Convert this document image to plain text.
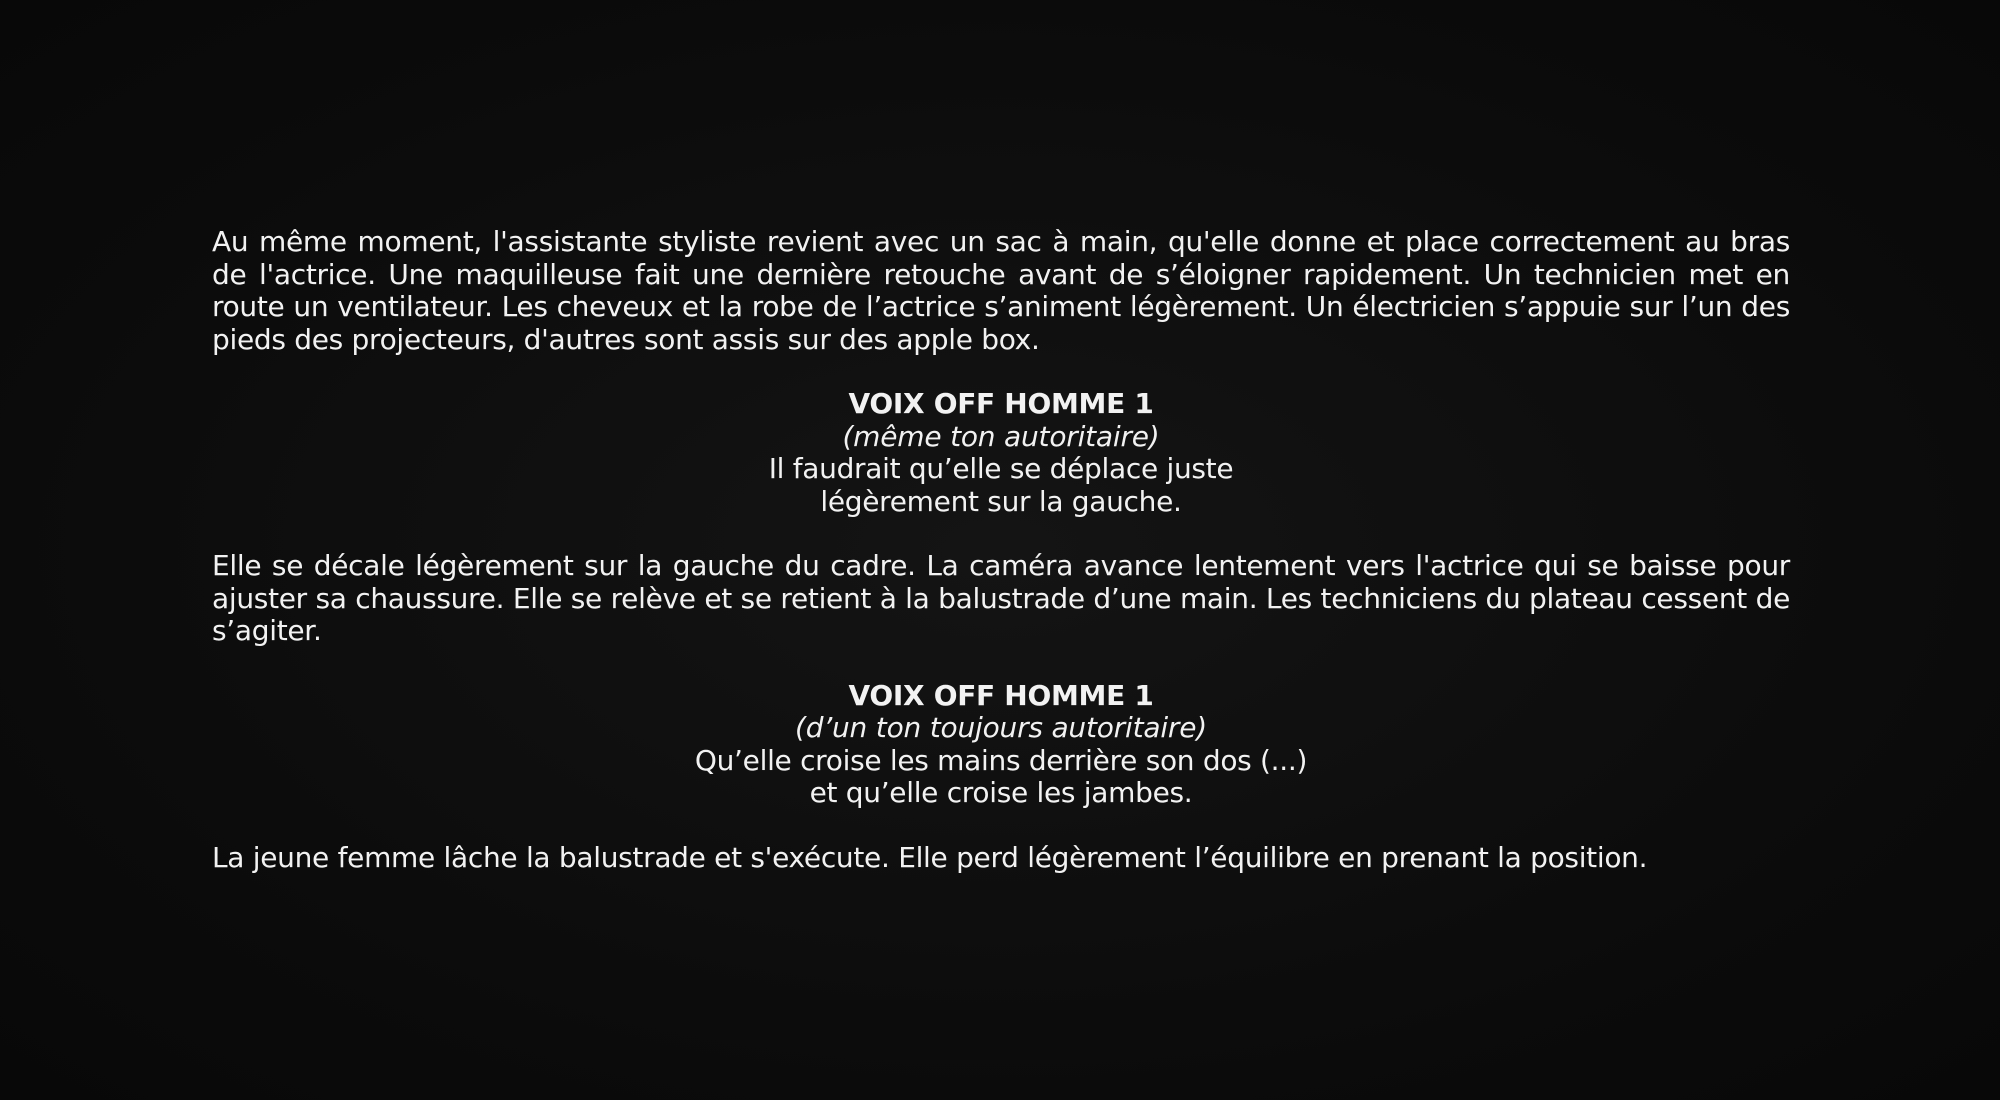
Au même moment, l'assistante styliste revient avec un sac à main, qu'elle donne et place correctement au bras de l'actrice. Une maquilleuse fait une dernière retouche avant de s’éloigner rapidement. Un technicien met en route un ventilateur. Les cheveux et la robe de l’actrice s’animent légèrement. Un électricien s’appuie sur l’un des pieds des projecteurs, d'autres sont assis sur des apple box.

VOIX OFF HOMME 1
(même ton autoritaire)
Il faudrait qu’elle se déplace juste
légèrement sur la gauche.

Elle se décale légèrement sur la gauche du cadre. La caméra avance lentement vers l'actrice qui se baisse pour ajuster sa chaussure. Elle se relève et se retient à la balustrade d’une main. Les techniciens du plateau cessent de s’agiter.

VOIX OFF HOMME 1
(d’un ton toujours autoritaire)
Qu’elle croise les mains derrière son dos (...)
et qu’elle croise les jambes.

La jeune femme lâche la balustrade et s'exécute. Elle perd légèrement l’équilibre en prenant la position.
